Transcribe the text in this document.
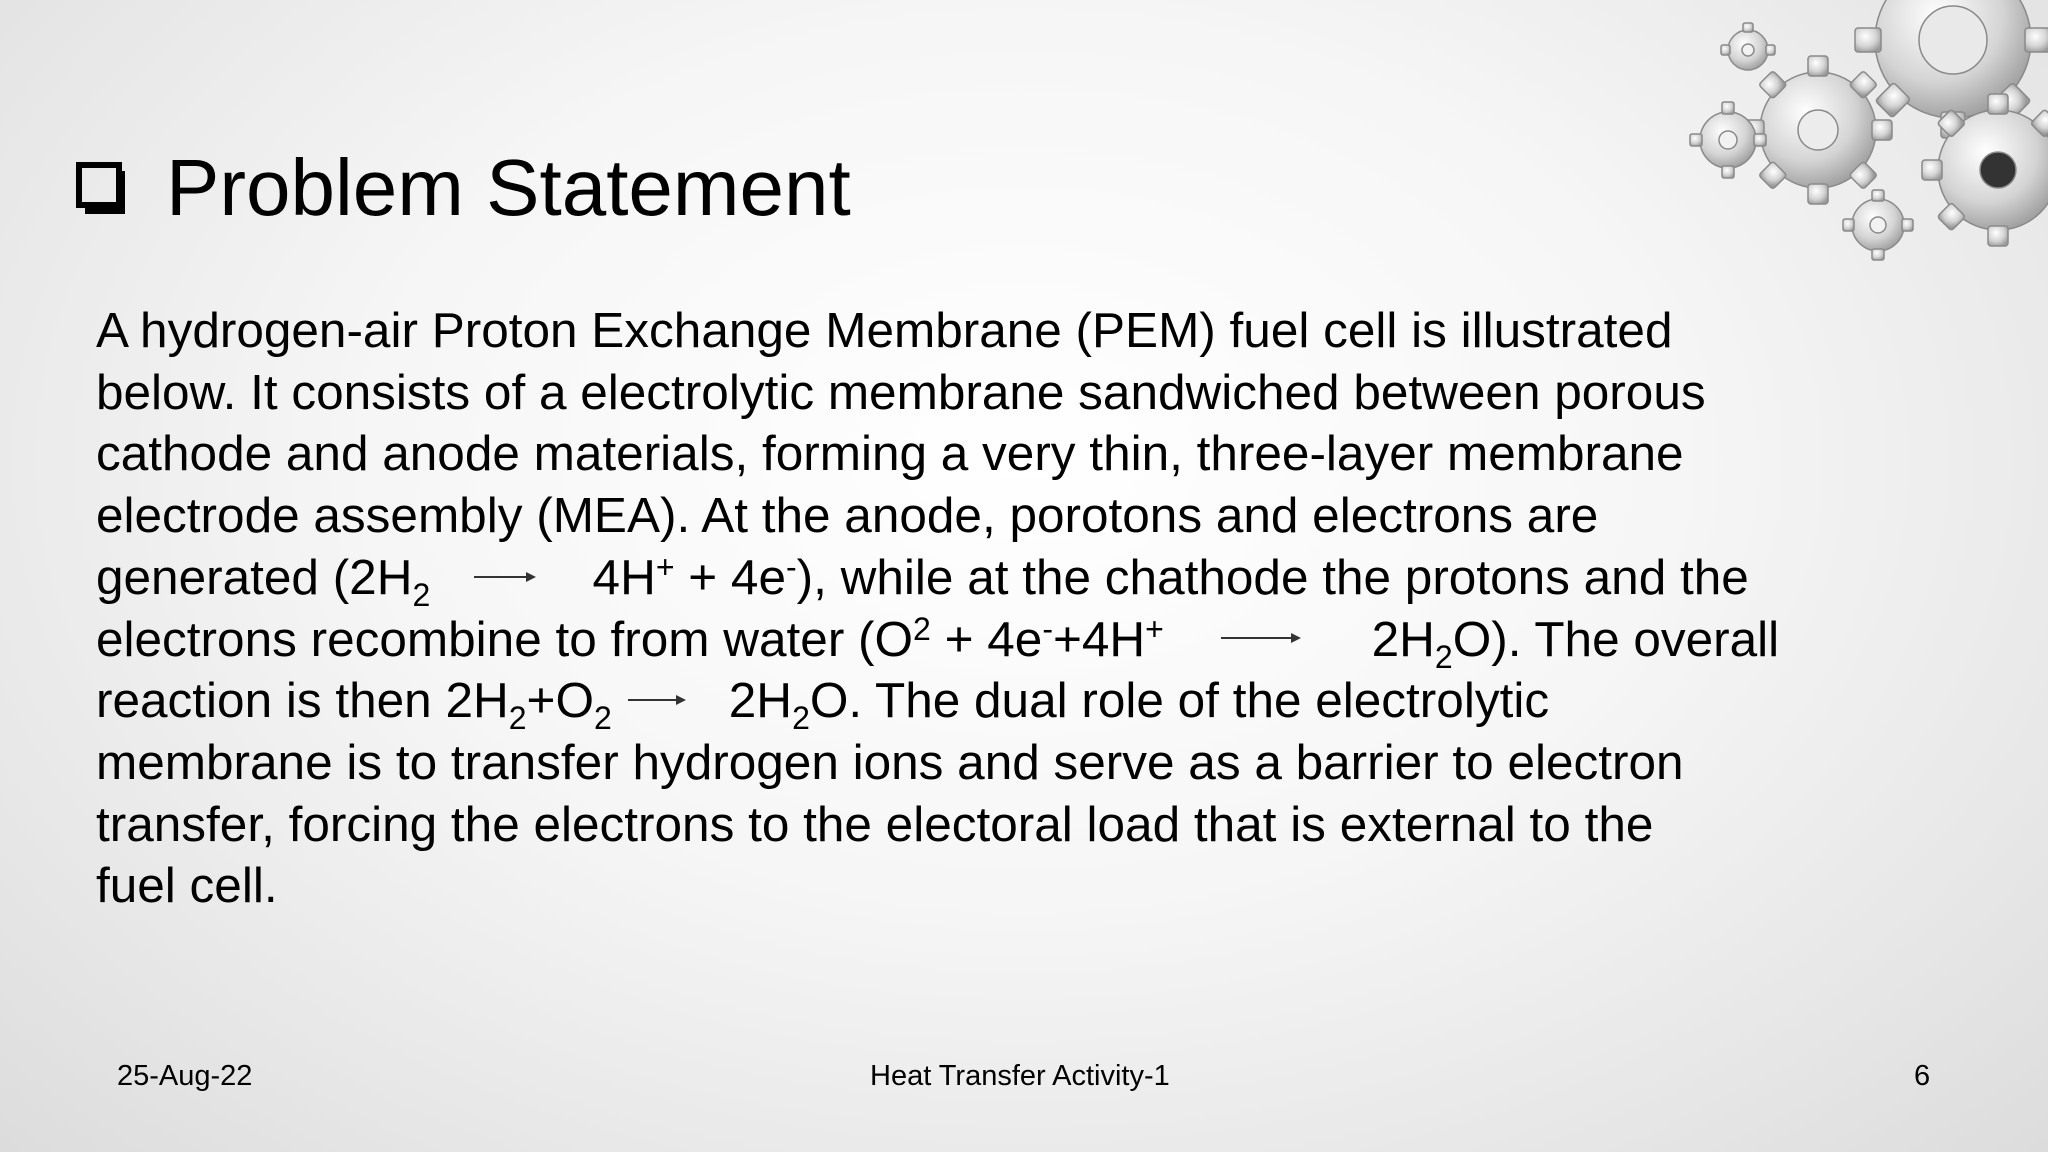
Problem Statement
A hydrogen-air Proton Exchange Membrane (PEM) fuel cell is illustrated
below. It consists of a electrolytic membrane sandwiched between porous
cathode and anode materials, forming a very thin, three-layer membrane
electrode assembly (MEA). At the anode, porotons and electrons are
generated $(2H_2 \to 4H^+ + 4e^-)$, while at the chathode the protons and the
electrons recombine to from water $(O^2 + 4e^-+4H^+ \to 2H_2O)$. The overall
reaction is then $2H_2+O_2 \to 2H_2O$. The dual role of the electrolytic
membrane is to transfer hydrogen ions and serve as a barrier to electron
transfer, forcing the electrons to the electoral load that is external to the
fuel cell.
25-Aug-22	Heat Transfer Activity-1	6
